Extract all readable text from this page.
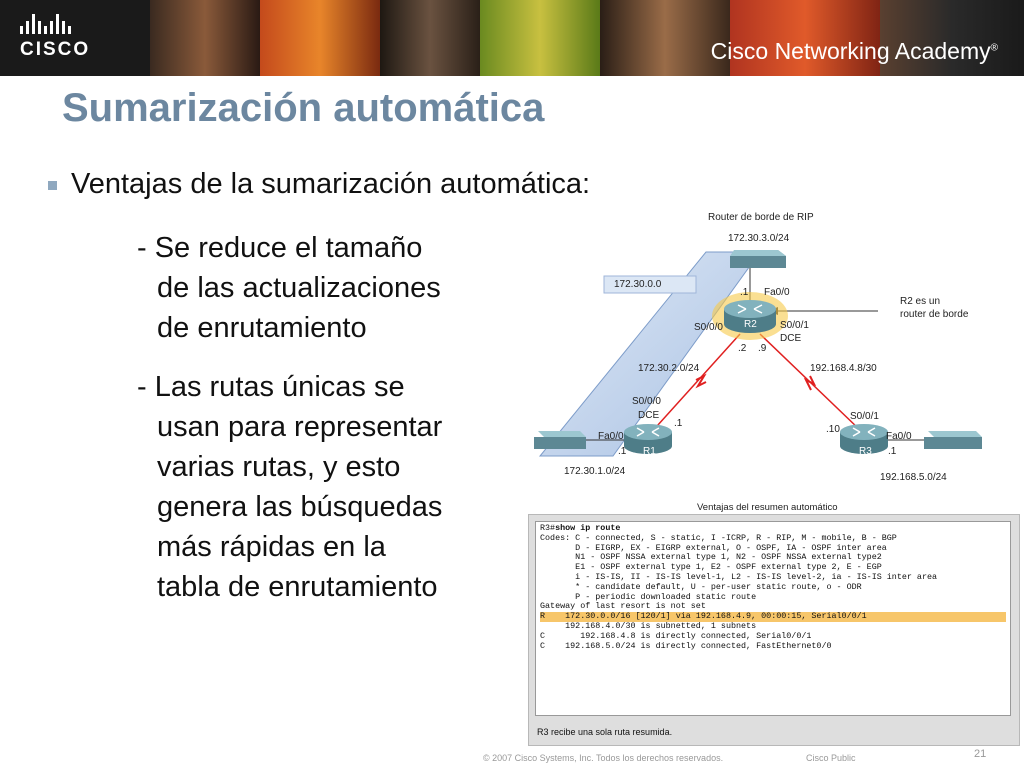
CISCO	Cisco Networking Academy®
Sumarización automática
Ventajas de la sumarización automática:
- Se reduce el tamaño
de las actualizaciones
de enrutamiento
- Las rutas únicas se
usan para representar
varias rutas, y esto
genera las búsquedas
más rápidas en la
tabla de enrutamiento
Router de borde de RIP
172.30.3.0/24
172.30.0.0
.1 Fa0/0
R2
S0/0/0	S0/0/1
DCE
.2 .9
R2 es un
router de borde
172.30.2.0/24	192.168.4.8/30
S0/0/0
DCE
.1
Fa0/0
.1 R1
172.30.1.0/24
S0/0/1
.10
Fa0/0
.1
R3
192.168.5.0/24
Ventajas del resumen automático
R3#show ip route
Codes: C - connected, S - static, I -ICRP, R - RIP, M - mobile, B - BGP
D - EIGRP, EX - EIGRP external, O - OSPF, IA - OSPF inter area
N1 - OSPF NSSA external type 1, N2 - OSPF NSSA external type2
E1 - OSPF external type 1, E2 - OSPF external type 2, E - EGP
i - IS-IS, II - IS-IS level-1, L2 - IS-IS level-2, ia - IS-IS inter area
* - candidate default, U - per-user static route, o - ODR
P - periodic downloaded static route
Gateway of last resort is not set
R    172.30.0.0/16 [120/1] via 192.168.4.9, 00:00:15, Serial0/0/1
192.168.4.0/30 is subnetted, 1 subnets
C       192.168.4.8 is directly connected, Serial0/0/1
C    192.168.5.0/24 is directly connected, FastEthernet0/0
R3 recibe una sola ruta resumida.
© 2007 Cisco Systems, Inc. Todos los derechos reservados.	Cisco Public	21
